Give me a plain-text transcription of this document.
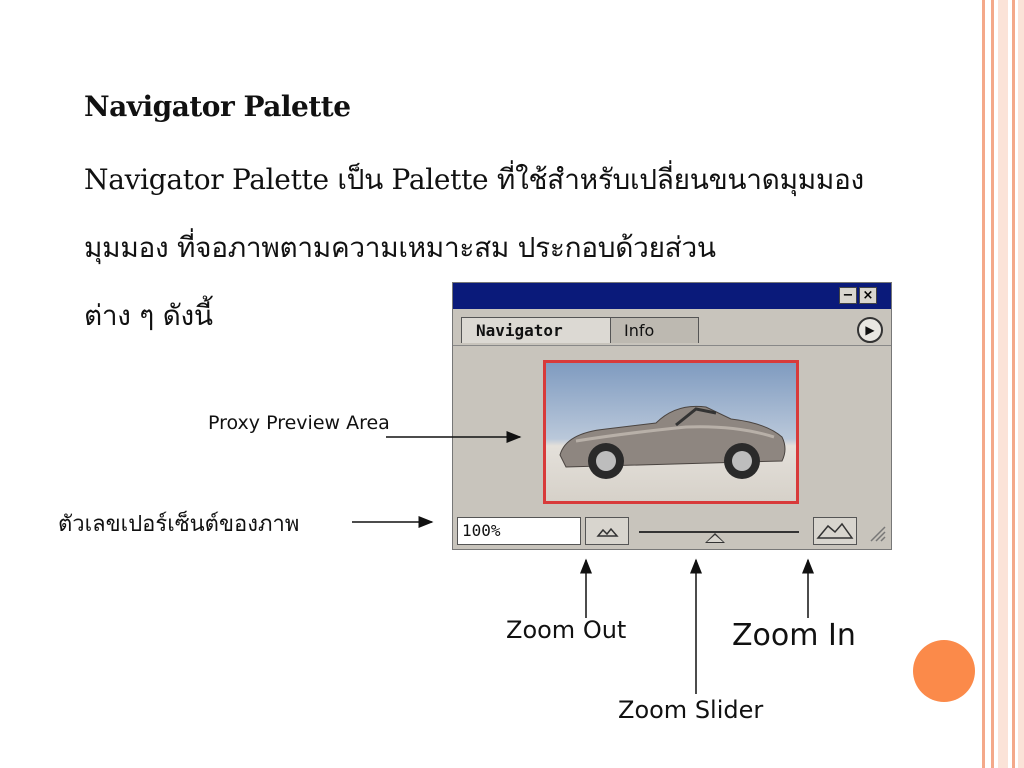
Navigator Palette
Navigator Palette เป็น Palette ที่ใช้สำหรับเปลี่ยนขนาดมุมมอง
มุมมอง ที่จอภาพตามความเหมาะสม ประกอบด้วยส่วน
ต่าง ๆ ดังนี้
− ×
Info
Navigator	▶
100%
Proxy Preview Area
ตัวเลขเปอร์เซ็นต์ของภาพ
Zoom Out	Zoom In
Zoom Slider
